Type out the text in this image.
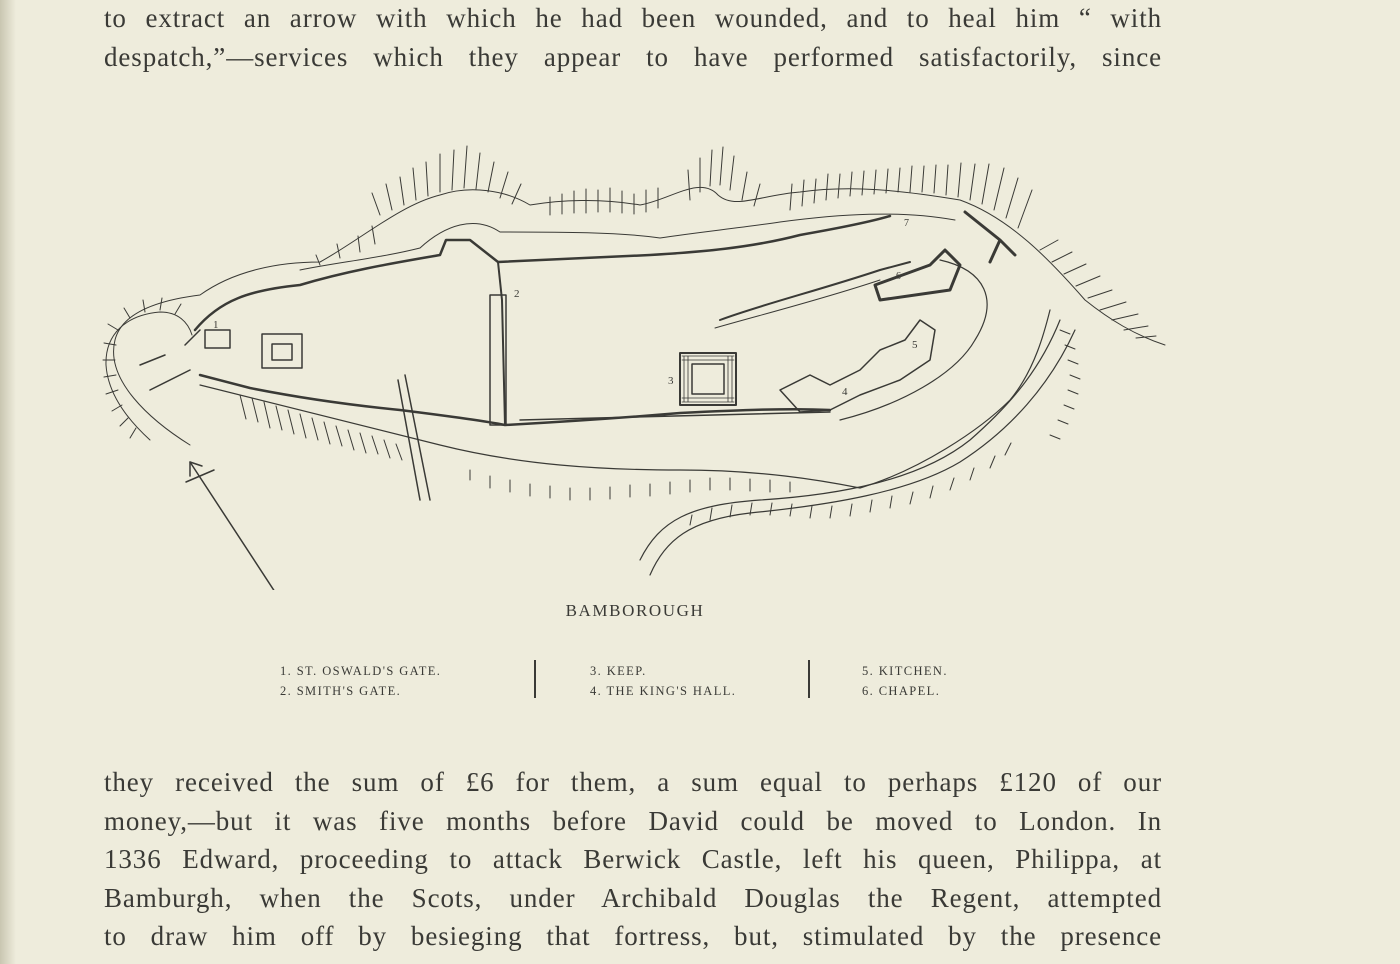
to extract an arrow with which he had been wounded, and to heal him “ with
despatch,”—services which they appear to have performed satisfactorily, since
1
2
3
4
5
6
7
BAMBOROUGH
1. ST. OSWALD'S GATE.
2. SMITH'S GATE.
3. KEEP.
4. THE KING'S HALL.
5. KITCHEN.
6. CHAPEL.
they received the sum of £6 for them, a sum equal to perhaps £120 of our
money,—but it was five months before David could be moved to London. In
1336 Edward, proceeding to attack Berwick Castle, left his queen, Philippa, at
Bamburgh, when the Scots, under Archibald Douglas the Regent, attempted
to draw him off by besieging that fortress, but, stimulated by the presence
